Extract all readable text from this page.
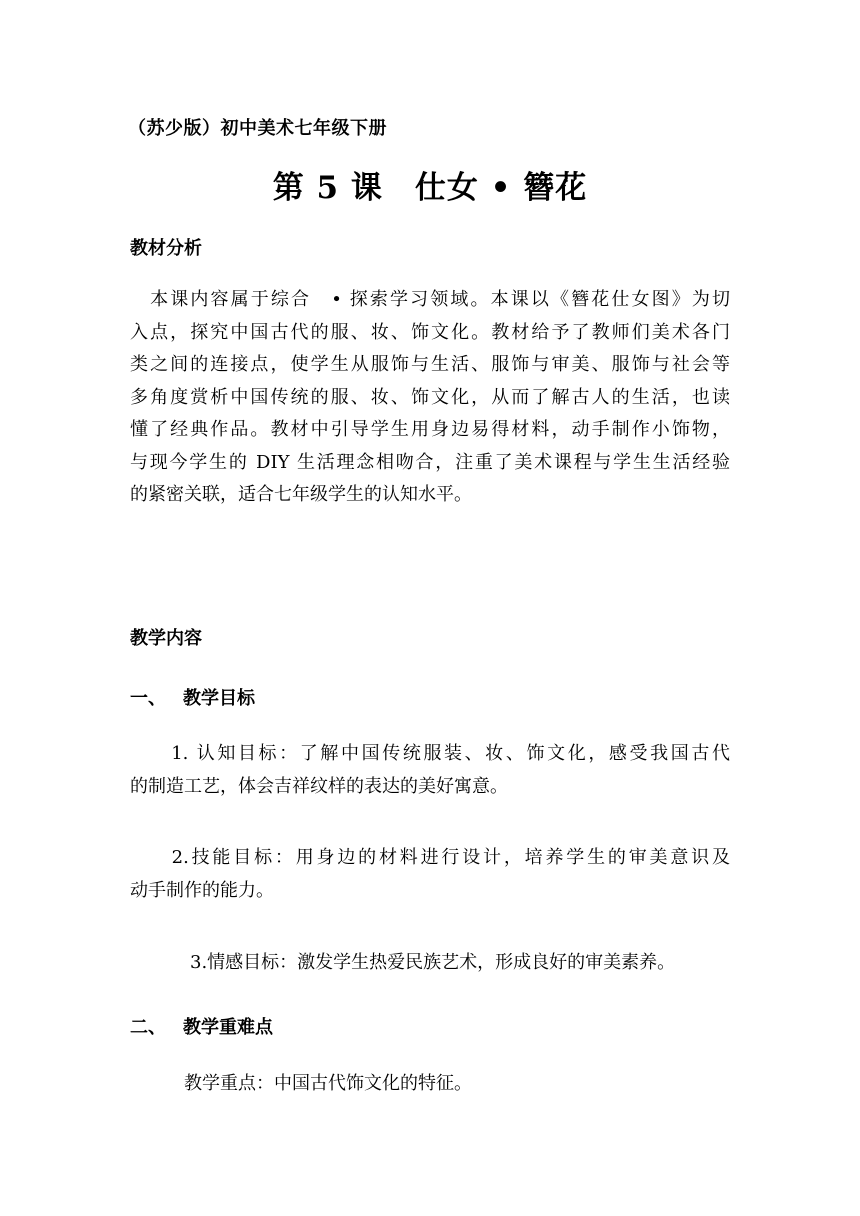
（苏少版）初中美术七年级下册
第 5 课　仕女 • 簪花
教材分析
　本课内容属于综合　• 探索学习领域。本课以《簪花仕女图》为切
入点，探究中国古代的服、妆、饰文化。教材给予了教师们美术各门
类之间的连接点，使学生从服饰与生活、服饰与审美、服饰与社会等
多角度赏析中国传统的服、妆、饰文化，从而了解古人的生活，也读
懂了经典作品。教材中引导学生用身边易得材料，动手制作小饰物，
与现今学生的 DIY 生活理念相吻合，注重了美术课程与学生生活经验
的紧密关联，适合七年级学生的认知水平。
教学内容
一、 教学目标
　　1. 认知目标：了解中国传统服装、妆、饰文化，感受我国古代
的制造工艺，体会吉祥纹样的表达的美好寓意。
　　2.技能目标：用身边的材料进行设计，培养学生的审美意识及
动手制作的能力。
3.情感目标：激发学生热爱民族艺术，形成良好的审美素养。
二、 教学重难点
教学重点：中国古代饰文化的特征。
